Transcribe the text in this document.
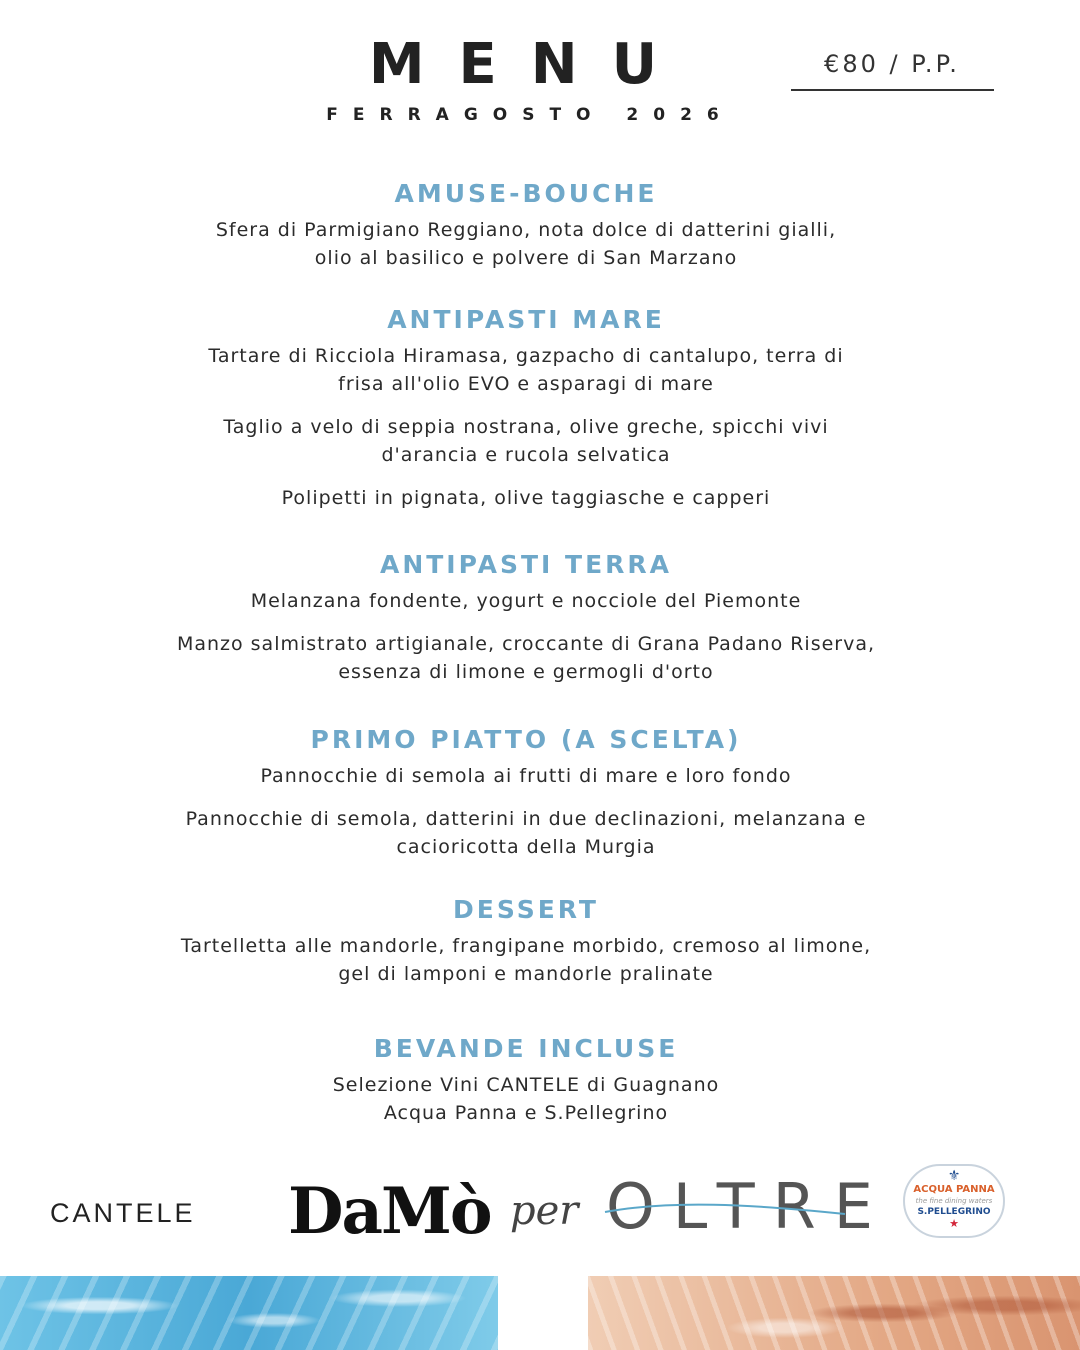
MENU
FERRAGOSTO 2026
€80 / P.P.
AMUSE-BOUCHE
Sfera di Parmigiano Reggiano, nota dolce di datterini gialli,
olio al basilico e polvere di San Marzano
ANTIPASTI MARE
Tartare di Ricciola Hiramasa, gazpacho di cantalupo, terra di
frisa all'olio EVO e asparagi di mare
Taglio a velo di seppia nostrana, olive greche, spicchi vivi
d'arancia e rucola selvatica
Polipetti in pignata, olive taggiasche e capperi
ANTIPASTI TERRA
Melanzana fondente, yogurt e nocciole del Piemonte
Manzo salmistrato artigianale, croccante di Grana Padano Riserva,
essenza di limone e germogli d'orto
PRIMO PIATTO (A SCELTA)
Pannocchie di semola ai frutti di mare e loro fondo
Pannocchie di semola, datterini in due declinazioni, melanzana e
cacioricotta della Murgia
DESSERT
Tartelletta alle mandorle, frangipane morbido, cremoso al limone,
gel di lamponi e mandorle pralinate
BEVANDE INCLUSE
Selezione Vini CANTELE di Guagnano
Acqua Panna e S.Pellegrino
CANTELE DaMò per OLTRE	⚜
ACQUA PANNA
the fine dining waters
S.PELLEGRINO
★
